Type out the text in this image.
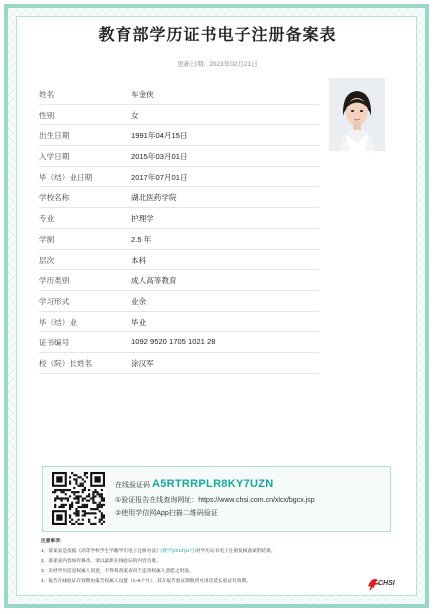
教育部学历证书电子注册备案表
更新日期: 2023年02月21日
姓名	车金侠
性别	女
出生日期	1991年04月15日
入学日期	2015年03月01日
毕（结）业日期	2017年07月01日
学校名称	湖北医药学院
专业	护理学
学制	2.5 年
层次	本科
学历类别	成人高等教育
学习形式	业余
毕（结）业	毕业
证书编号	1092 9520 1705 1021 28
校（院）长姓名	涂汉军
在线验证码 A5RTRRPLR8KY7UZN
①验证报告在线查询网址：https://www.chsi.com.cn/xlcx/bgcx.jsp
②使用学信网App扫描二维码验证
注意事项：
1、备案表是依据《高等学校学生学籍学历电子注册办法》(教学[2014]11号)对学历证书电子注册复核备案的结果。
2、备案表内容如有修改，请以最新在线验证的内容为准。
3、未经学历信息权属人同意，不得将备案表用于违背权属人意愿之用途。
4、报告在线验证有效期由报告权属人设置（1~6个月），其在报告验证期限到可再次延长验证有效期。	CHSI
